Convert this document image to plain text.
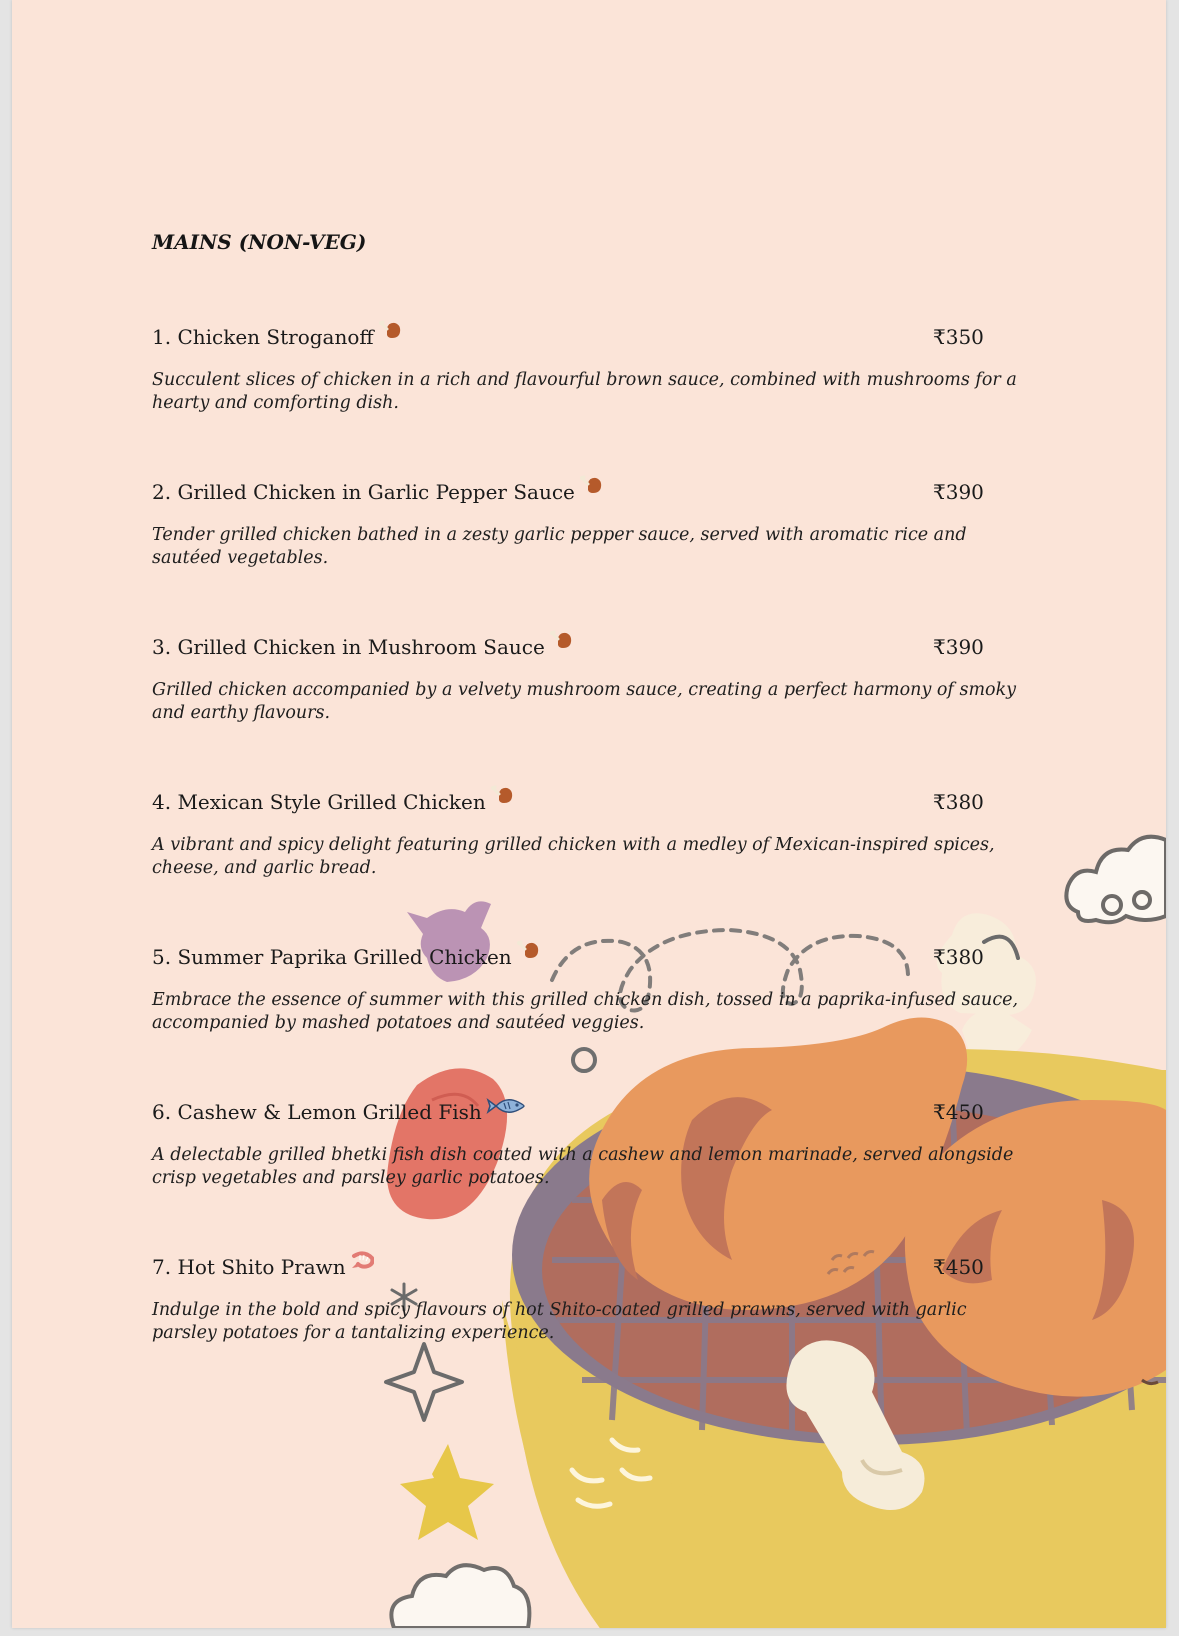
MAINS (NON-VEG)
1. Chicken Stroganoff	₹350
Succulent slices of chicken in a rich and flavourful brown sauce, combined with mushrooms for a hearty and comforting dish.
2. Grilled Chicken in Garlic Pepper Sauce	₹390
Tender grilled chicken bathed in a zesty garlic pepper sauce, served with aromatic rice and sautéed vegetables.
3. Grilled Chicken in Mushroom Sauce	₹390
Grilled chicken accompanied by a velvety mushroom sauce, creating a perfect harmony of smoky and earthy flavours.
4. Mexican Style Grilled Chicken	₹380
A vibrant and spicy delight featuring grilled chicken with a medley of Mexican-inspired spices, cheese, and garlic bread.
5. Summer Paprika Grilled Chicken	₹380
Embrace the essence of summer with this grilled chicken dish, tossed in a paprika-infused sauce, accompanied by mashed potatoes and sautéed veggies.
6. Cashew & Lemon Grilled Fish	₹450
A delectable grilled bhetki fish dish coated with a cashew and lemon marinade, served alongside crisp vegetables and parsley garlic potatoes.
7. Hot Shito Prawn	₹450
Indulge in the bold and spicy flavours of hot Shito-coated grilled prawns, served with garlic parsley potatoes for a tantalizing experience.
